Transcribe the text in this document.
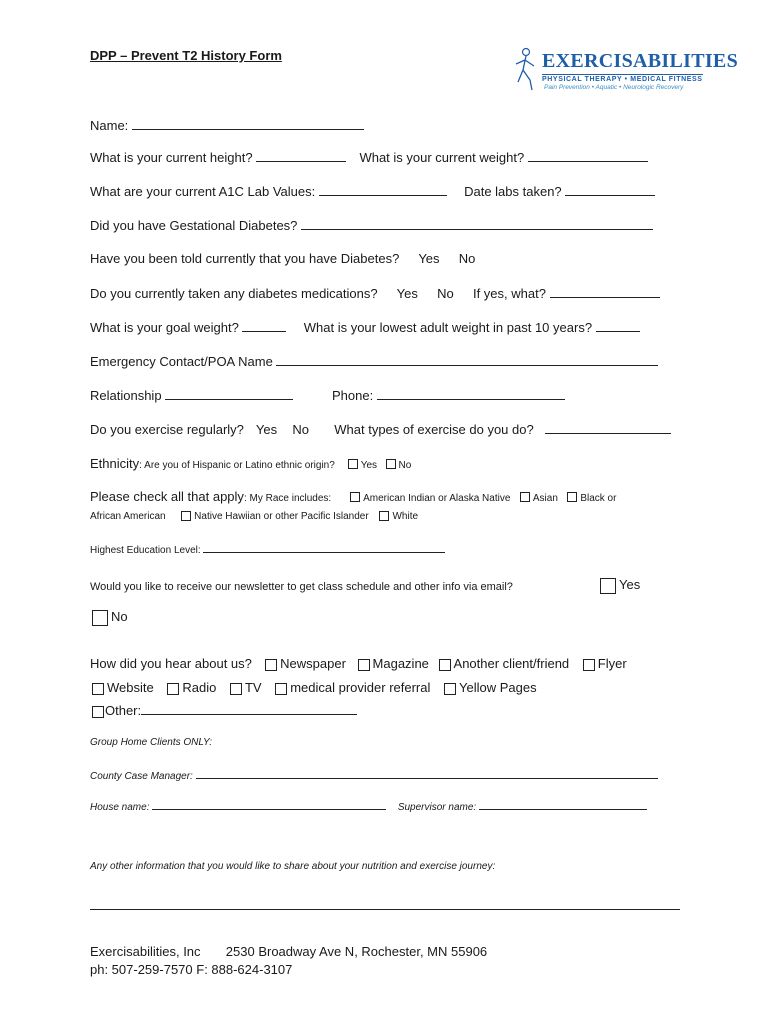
DPP – Prevent T2 History Form	EXERCISABILITIES
PHYSICAL THERAPY • MEDICAL FITNESS
Pain Prevention • Aquatic • Neurologic Recovery
Name:
What is your current height?	What is your current weight?
What are your current A1C Lab Values:	Date labs taken?
Did you have Gestational Diabetes?
Have you been told currently that you have Diabetes? Yes No
Do you currently taken any diabetes medications? Yes No If yes, what?
What is your goal weight?	What is your lowest adult weight in past 10 years?
Emergency Contact/POA Name
Relationship	Phone:
Do you exercise regularly? Yes No What types of exercise do you do?
Ethnicity: Are you of Hispanic or Latino ethnic origin?	Yes No
Please check all that apply: My Race includes:	American Indian or Alaska Native Asian Black or
African American	Native Hawiian or other Pacific Islander White
Highest Education Level:
Would you like to receive our newsletter to get class schedule and other info via email?	Yes
No
How did you hear about us? Newspaper Magazine Another client/friend Flyer
Website Radio TV medical provider referral Yellow Pages
Other:
Group Home Clients ONLY:
County Case Manager:
House name:	Supervisor name:
Any other information that you would like to share about your nutrition and exercise journey:
Exercisabilities, Inc 2530 Broadway Ave N, Rochester, MN 55906
ph: 507-259-7570 F: 888-624-3107
